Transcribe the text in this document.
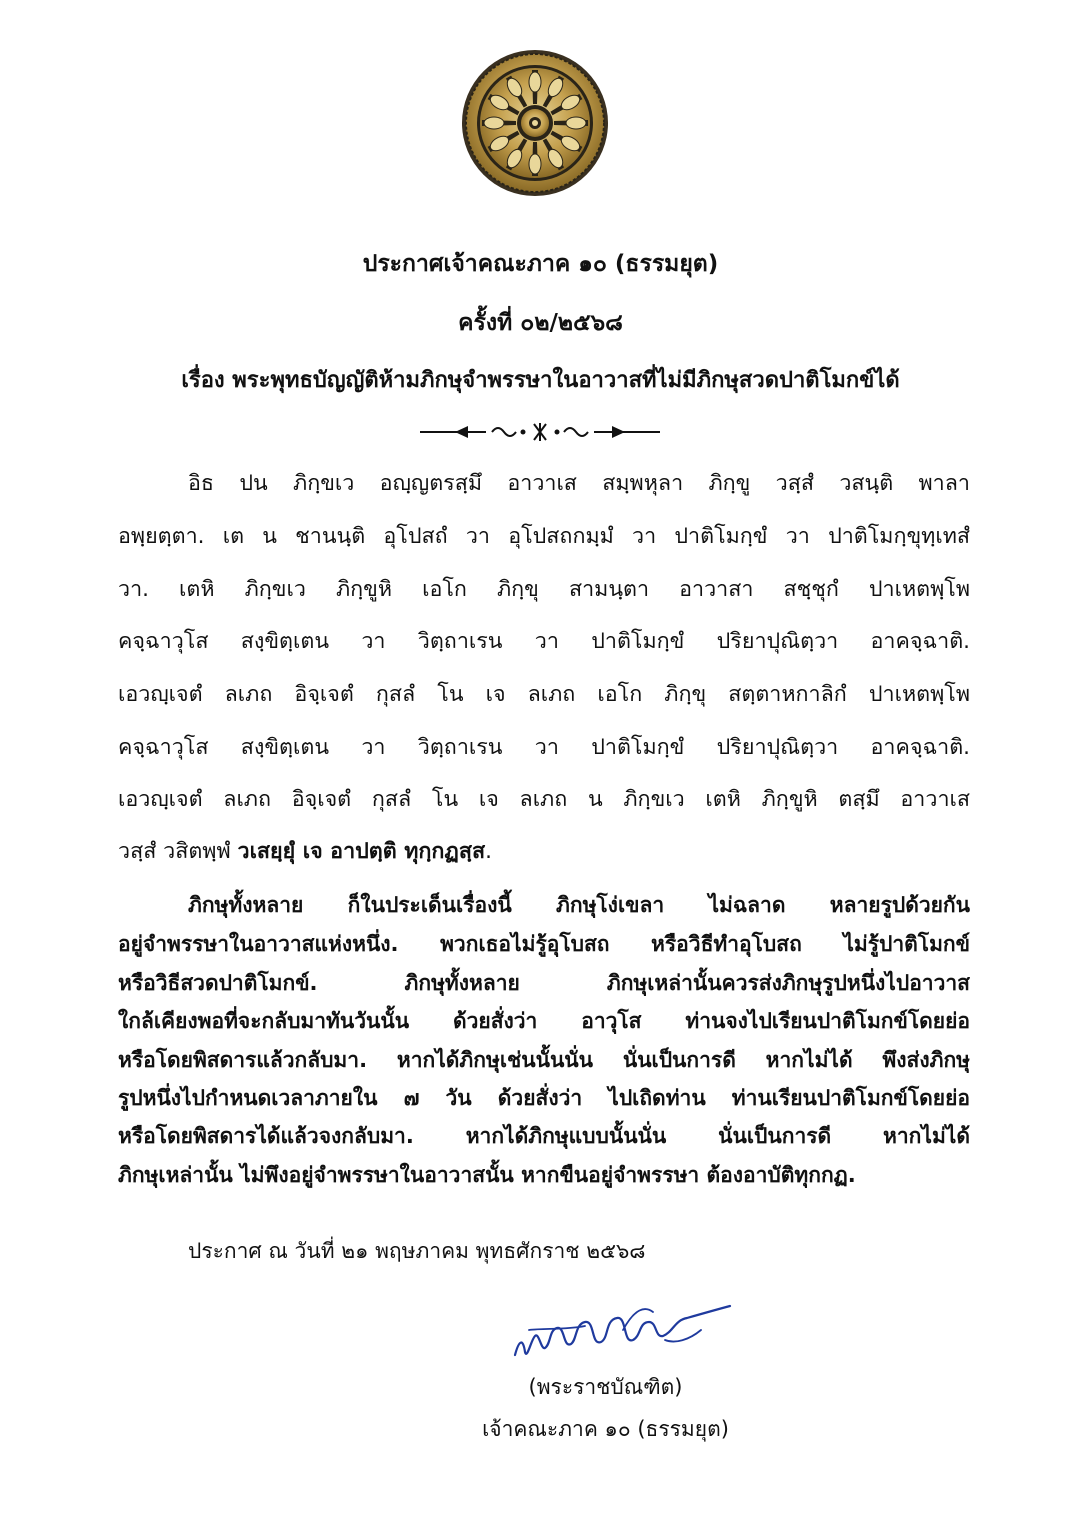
ประกาศเจ้าคณะภาค ๑๐ (ธรรมยุต)
ครั้งที่ ๐๒/๒๕๖๘
เรื่อง พระพุทธบัญญัติห้ามภิกษุจำพรรษาในอาวาสที่ไม่มีภิกษุสวดปาติโมกข์ได้
อิธ ปน ภิกฺขเว อญฺญตรสฺมึ อาวาเส สมฺพหุลา ภิกฺขู วสฺสํ วสนฺติ พาลา
อพฺยตฺตา. เต น ชานนฺติ อุโปสถํ วา อุโปสถกมฺมํ วา ปาติโมกฺขํ วา ปาติโมกฺขุทฺเทสํ
วา. เตหิ ภิกฺขเว ภิกฺขูหิ เอโก ภิกฺขุ สามนฺตา อาวาสา สชฺชุกํ ปาเหตพฺโพ
คจฺฉาวุโส สงฺขิตฺเตน วา วิตฺถาเรน วา ปาติโมกฺขํ ปริยาปุณิตฺวา อาคจฺฉาติ.
เอวญฺเจตํ ลเภถ อิจฺเจตํ กุสลํ โน เจ ลเภถ เอโก ภิกฺขุ สตฺตาหกาลิกํ ปาเหตพฺโพ
คจฺฉาวุโส สงฺขิตฺเตน วา วิตฺถาเรน วา ปาติโมกฺขํ ปริยาปุณิตฺวา อาคจฺฉาติ.
เอวญฺเจตํ ลเภถ อิจฺเจตํ กุสลํ โน เจ ลเภถ น ภิกฺขเว เตหิ ภิกฺขูหิ ตสฺมึ อาวาเส
วสฺสํ วสิตพฺพํ วเสยฺยุํ เจ อาปตฺติ ทุกฺกฏสฺส.
ภิกษุทั้งหลาย ก็ในประเด็นเรื่องนี้ ภิกษุโง่เขลา ไม่ฉลาด หลายรูปด้วยกัน
อยู่จำพรรษาในอาวาสแห่งหนึ่ง. พวกเธอไม่รู้อุโบสถ หรือวิธีทำอุโบสถ ไม่รู้ปาติโมกข์
หรือวิธีสวดปาติโมกข์. ภิกษุทั้งหลาย ภิกษุเหล่านั้นควรส่งภิกษุรูปหนึ่งไปอาวาส
ใกล้เคียงพอที่จะกลับมาทันวันนั้น ด้วยสั่งว่า อาวุโส ท่านจงไปเรียนปาติโมกข์โดยย่อ
หรือโดยพิสดารแล้วกลับมา. หากได้ภิกษุเช่นนั้นนั่น นั่นเป็นการดี หากไม่ได้ พึงส่งภิกษุ
รูปหนึ่งไปกำหนดเวลาภายใน ๗ วัน ด้วยสั่งว่า ไปเถิดท่าน ท่านเรียนปาติโมกข์โดยย่อ
หรือโดยพิสดารได้แล้วจงกลับมา. หากได้ภิกษุแบบนั้นนั่น นั่นเป็นการดี หากไม่ได้
ภิกษุเหล่านั้น ไม่พึงอยู่จำพรรษาในอาวาสนั้น หากขืนอยู่จำพรรษา ต้องอาบัติทุกกฏ.
ประกาศ ณ วันที่ ๒๑ พฤษภาคม พุทธศักราช ๒๕๖๘
(พระราชบัณฑิต)
เจ้าคณะภาค ๑๐ (ธรรมยุต)
